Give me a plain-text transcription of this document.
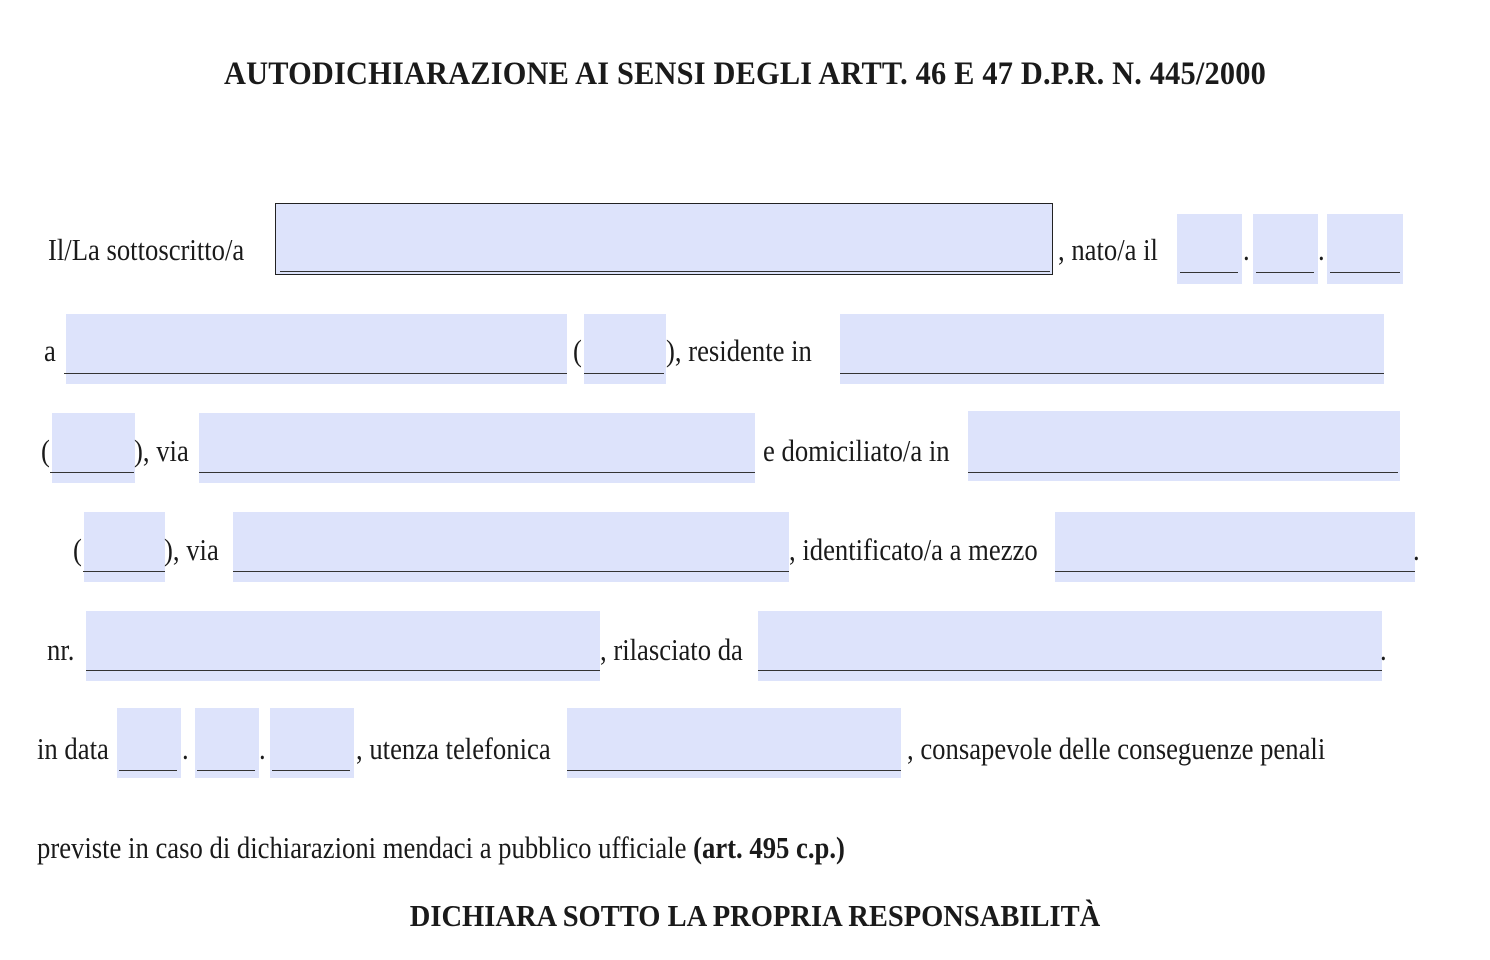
AUTODICHIARAZIONE AI SENSI DEGLI ARTT. 46 E 47 D.P.R. N. 445/2000
Il/La sottoscritto/a	, nato/a il	. .
a	(	), residente in
(	), via	e domiciliato/a in
(	), via	, identificato/a a mezzo	.
nr.	, rilasciato da	.
in data . .	, utenza telefonica	, consapevole delle conseguenze penali
previste in caso di dichiarazioni mendaci a pubblico ufficiale (art. 495 c.p.)
DICHIARA SOTTO LA PROPRIA RESPONSABILITÀ
